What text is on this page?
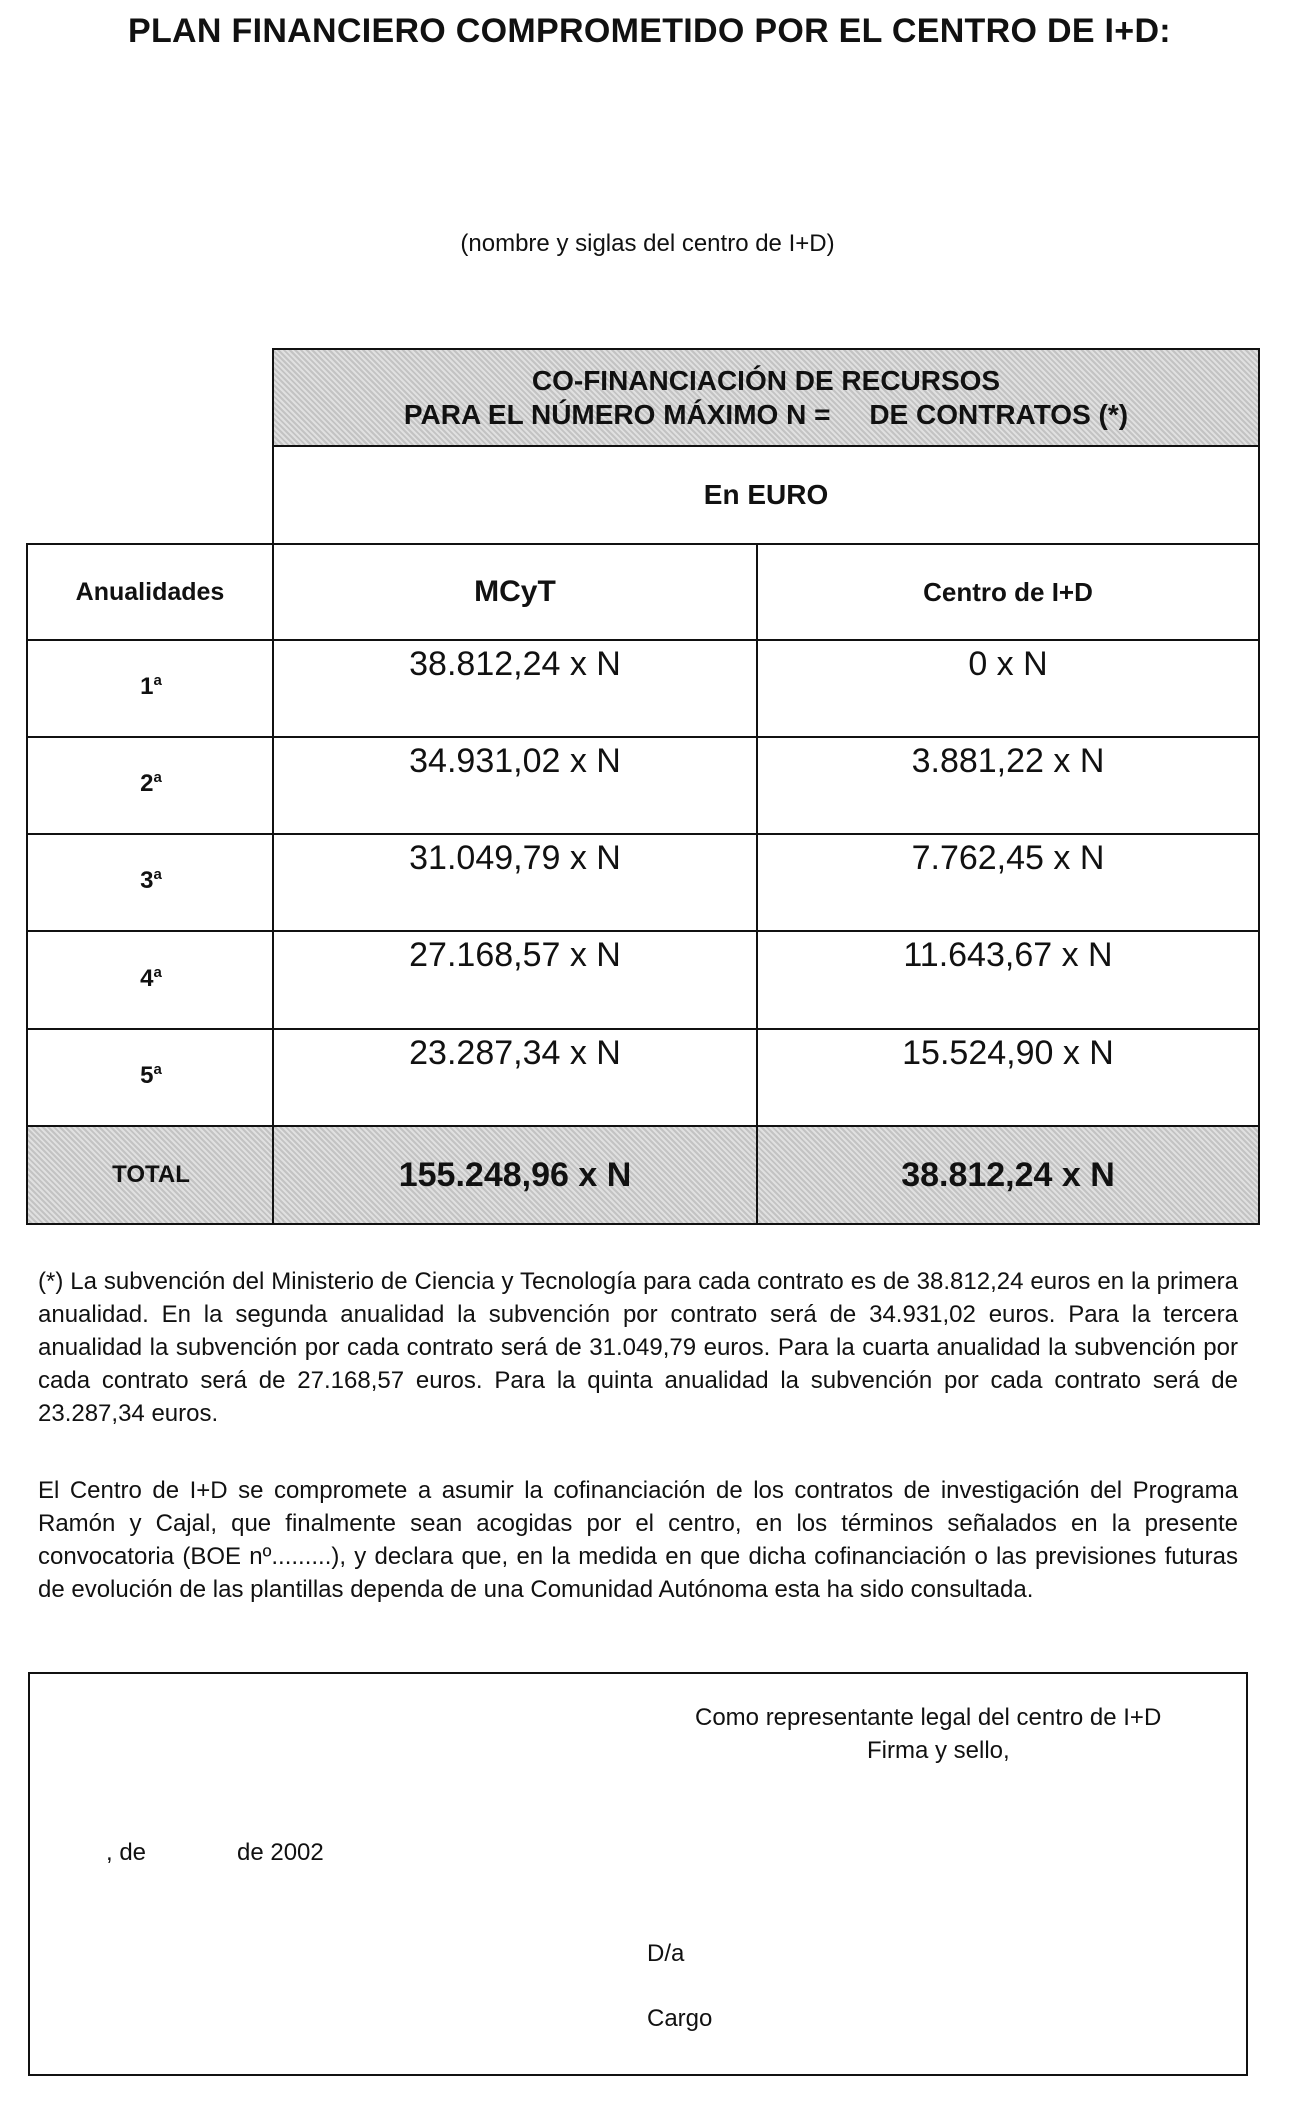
PLAN FINANCIERO COMPROMETIDO POR EL CENTRO DE I+D:
(nombre y siglas del centro de I+D)
CO-FINANCIACIÓN DE RECURSOS
PARA EL NÚMERO MÁXIMO N =     DE CONTRATOS (*)
En EURO
Anualidades	MCyT	Centro de I+D
1$^a$	38.812,24 x N	0 x N
2$^a$	34.931,02 x N	3.881,22 x N
3$^a$	31.049,79 x N	7.762,45 x N
4$^a$	27.168,57 x N	11.643,67 x N
5$^a$	23.287,34 x N	15.524,90 x N
TOTAL	155.248,96 x N	38.812,24 x N
(*) La subvención del Ministerio de Ciencia y Tecnología para cada contrato es de 38.812,24 euros en la primera anualidad. En la segunda anualidad la subvención por contrato será de 34.931,02 euros. Para la tercera anualidad la subvención por cada contrato será de 31.049,79 euros. Para la cuarta anualidad la subvención por cada contrato será de 27.168,57 euros. Para la quinta anualidad la subvención por cada contrato será de 23.287,34 euros.
El Centro de I+D se compromete a asumir la cofinanciación de los contratos de investigación del Programa Ramón y Cajal, que finalmente sean acogidas por el centro, en los términos señalados en la presente convocatoria (BOE nº.........), y declara que, en la medida en que dicha cofinanciación o las previsiones futuras de evolución de las plantillas dependa de una Comunidad Autónoma esta ha sido consultada.
Como representante legal del centro de I+D
Firma y sello,
, de	de 2002
D/a
Cargo
